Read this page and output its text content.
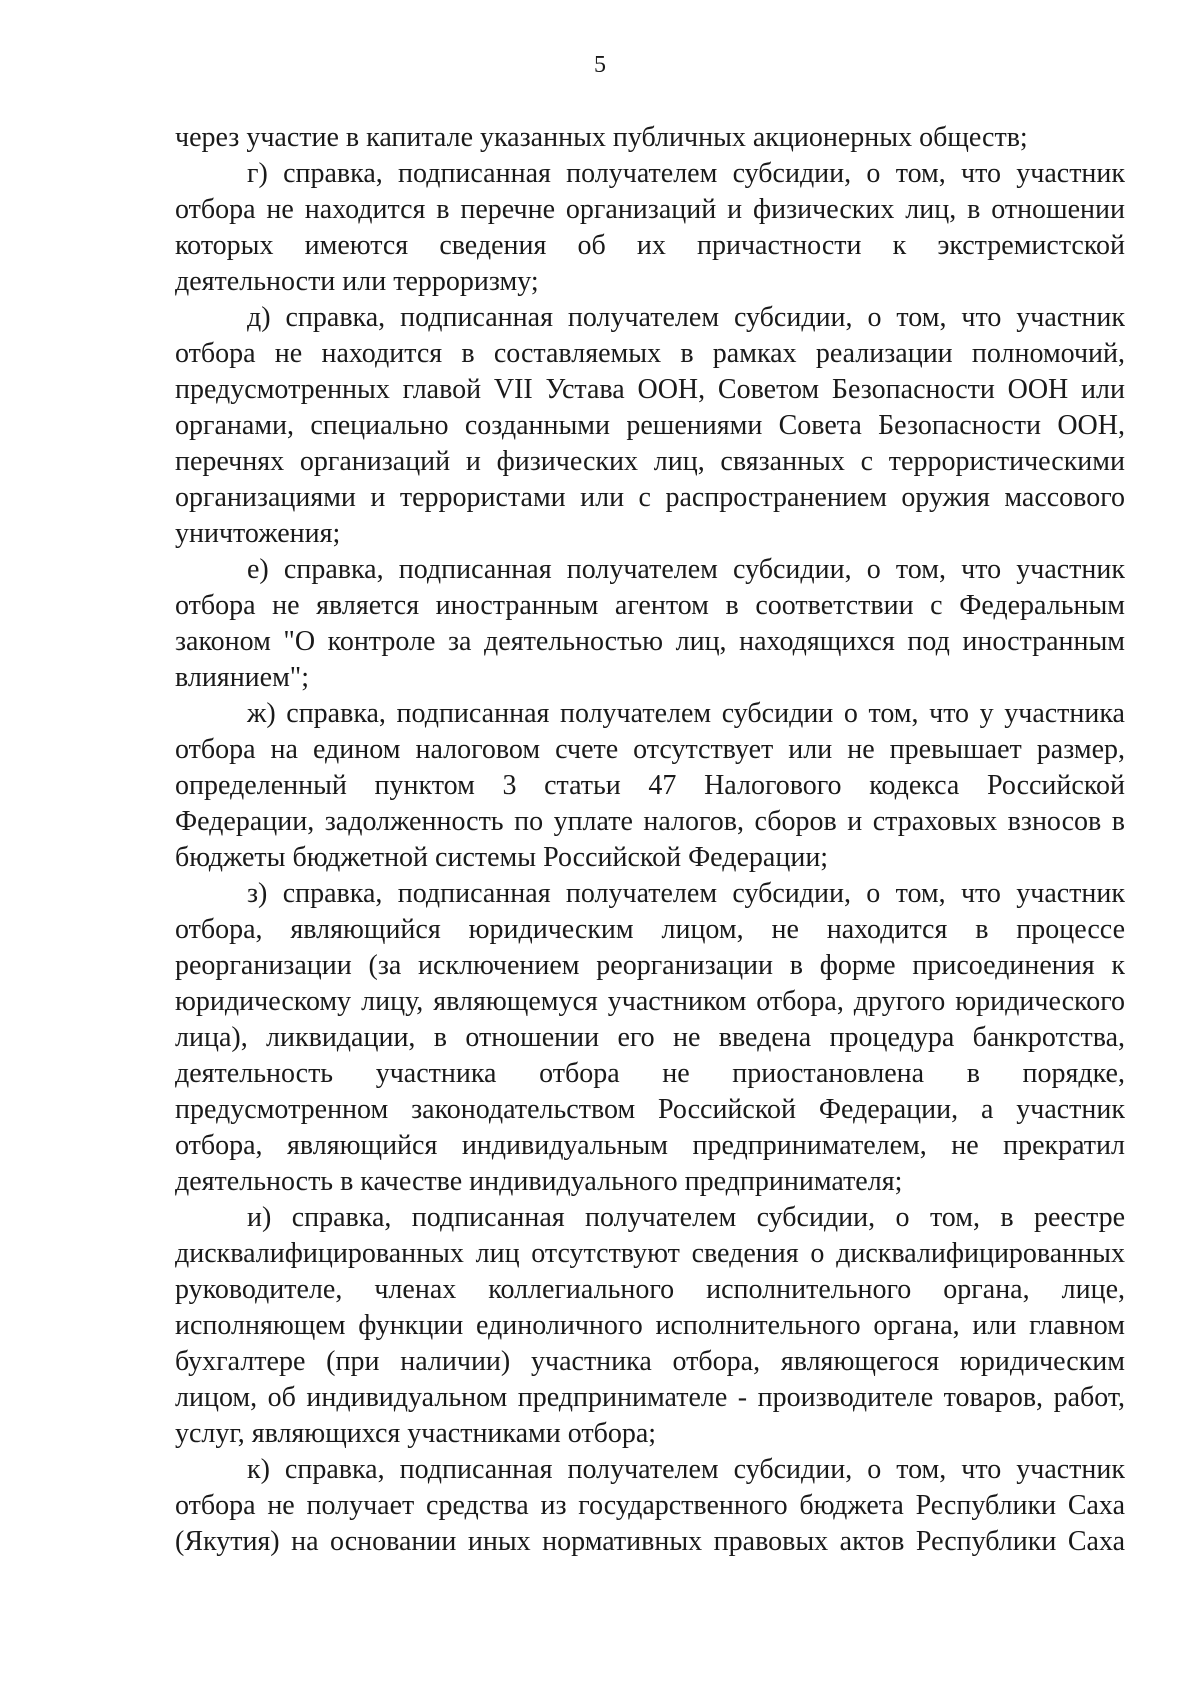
5

через участие в капитале указанных публичных акционерных обществ;

г) справка, подписанная получателем субсидии, о том, что участник
отбора не находится в перечне организаций и физических лиц, в отношении
которых имеются сведения об их причастности к экстремистской
деятельности или терроризму;

д) справка, подписанная получателем субсидии, о том, что участник
отбора не находится в составляемых в рамках реализации полномочий,
предусмотренных главой VII Устава ООН, Советом Безопасности ООН или
органами, специально созданными решениями Совета Безопасности ООН,
перечнях организаций и физических лиц, связанных с террористическими
организациями и террористами или с распространением оружия массового
уничтожения;

е) справка, подписанная получателем субсидии, о том, что участник
отбора не является иностранным агентом в соответствии с Федеральным
законом "О контроле за деятельностью лиц, находящихся под иностранным
влиянием";

ж) справка, подписанная получателем субсидии о том, что у участника
отбора на едином налоговом счете отсутствует или не превышает размер,
определенный пунктом 3 статьи 47 Налогового кодекса Российской
Федерации, задолженность по уплате налогов, сборов и страховых взносов в
бюджеты бюджетной системы Российской Федерации;

з) справка, подписанная получателем субсидии, о том, что участник
отбора, являющийся юридическим лицом, не находится в процессе
реорганизации (за исключением реорганизации в форме присоединения к
юридическому лицу, являющемуся участником отбора, другого юридического
лица), ликвидации, в отношении его не введена процедура банкротства,
деятельность участника отбора не приостановлена в порядке,
предусмотренном законодательством Российской Федерации, а участник
отбора, являющийся индивидуальным предпринимателем, не прекратил
деятельность в качестве индивидуального предпринимателя;

и) справка, подписанная получателем субсидии, о том, в реестре
дисквалифицированных лиц отсутствуют сведения о дисквалифицированных
руководителе, членах коллегиального исполнительного органа, лице,
исполняющем функции единоличного исполнительного органа, или главном
бухгалтере (при наличии) участника отбора, являющегося юридическим
лицом, об индивидуальном предпринимателе - производителе товаров, работ,
услуг, являющихся участниками отбора;

к) справка, подписанная получателем субсидии, о том, что участник
отбора не получает средства из государственного бюджета Республики Саха
(Якутия) на основании иных нормативных правовых актов Республики Саха
